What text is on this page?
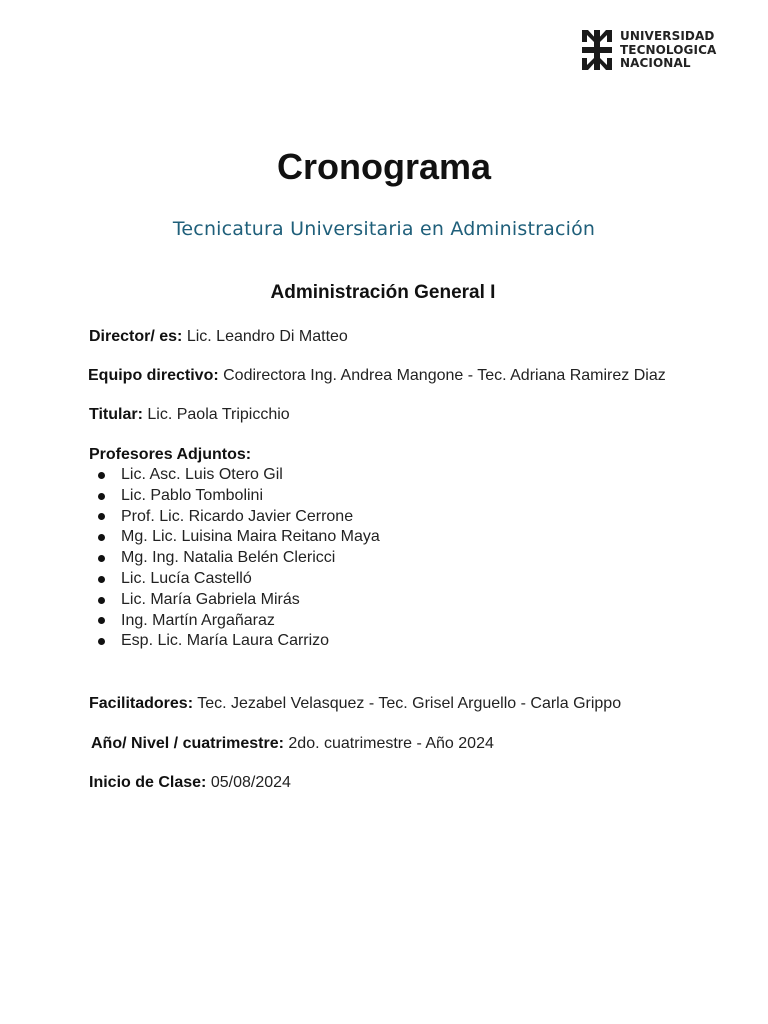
UNIVERSIDAD
TECNOLOGICA
NACIONAL
Cronograma
Tecnicatura Universitaria en Administración
Administración General I
Director/ es: Lic. Leandro Di Matteo
Equipo directivo: Codirectora Ing. Andrea Mangone - Tec. Adriana Ramirez Diaz
Titular: Lic. Paola Tripicchio
Profesores Adjuntos:
Lic. Asc. Luis Otero Gil
Lic. Pablo Tombolini
Prof. Lic. Ricardo Javier Cerrone
Mg. Lic. Luisina Maira Reitano Maya
Mg. Ing. Natalia Belén Clericci
Lic. Lucía Castelló
Lic. María Gabriela Mirás
Ing. Martín Argañaraz
Esp. Lic. María Laura Carrizo
Facilitadores: Tec. Jezabel Velasquez - Tec. Grisel Arguello - Carla Grippo
Año/ Nivel / cuatrimestre: 2do. cuatrimestre - Año 2024
Inicio de Clase: 05/08/2024
